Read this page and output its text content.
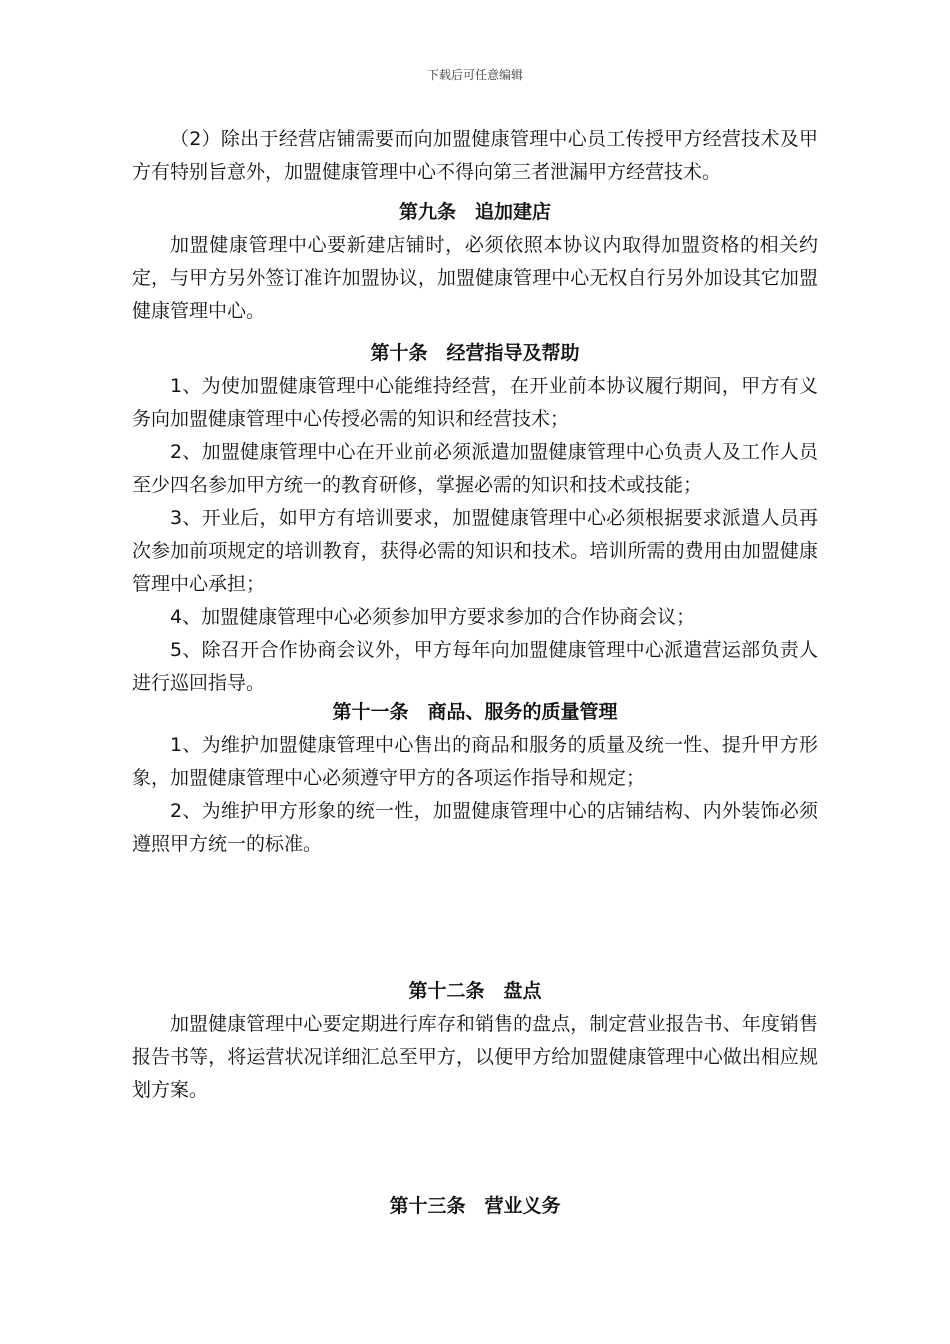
下载后可任意编辑

（2）除出于经营店铺需要而向加盟健康管理中心员工传授甲方经营技术及甲方有特别旨意外，加盟健康管理中心不得向第三者泄漏甲方经营技术。

第九条　追加建店

加盟健康管理中心要新建店铺时，必须依照本协议内取得加盟资格的相关约定，与甲方另外签订准许加盟协议，加盟健康管理中心无权自行另外加设其它加盟健康管理中心。

第十条　经营指导及帮助

1、为使加盟健康管理中心能维持经营，在开业前本协议履行期间，甲方有义务向加盟健康管理中心传授必需的知识和经营技术；

2、加盟健康管理中心在开业前必须派遣加盟健康管理中心负责人及工作人员至少四名参加甲方统一的教育研修，掌握必需的知识和技术或技能；

3、开业后，如甲方有培训要求，加盟健康管理中心必须根据要求派遣人员再次参加前项规定的培训教育，获得必需的知识和技术。培训所需的费用由加盟健康管理中心承担；

4、加盟健康管理中心必须参加甲方要求参加的合作协商会议；

5、除召开合作协商会议外，甲方每年向加盟健康管理中心派遣营运部负责人进行巡回指导。

第十一条　商品、服务的质量管理

1、为维护加盟健康管理中心售出的商品和服务的质量及统一性、提升甲方形象，加盟健康管理中心必须遵守甲方的各项运作指导和规定；

2、为维护甲方形象的统一性，加盟健康管理中心的店铺结构、内外装饰必须遵照甲方统一的标准。

第十二条　盘点

加盟健康管理中心要定期进行库存和销售的盘点，制定营业报告书、年度销售报告书等，将运营状况详细汇总至甲方，以便甲方给加盟健康管理中心做出相应规划方案。

第十三条　营业义务
